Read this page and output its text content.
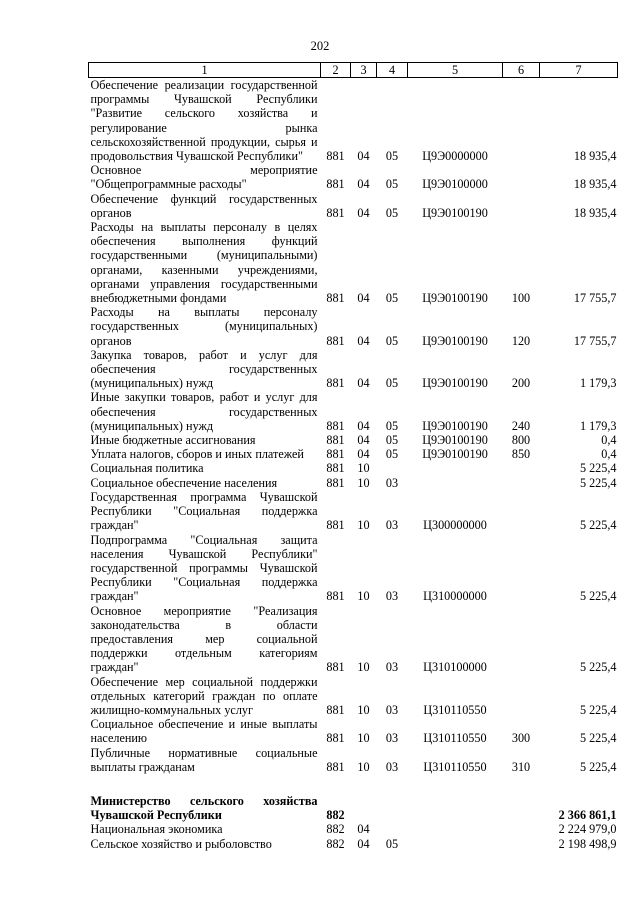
202
1	2	3	4	5	6	7
Обеспечение реализации государственной программы Чувашской Республики "Развитие сельского хозяйства и регулирование рынка сельскохозяйственной продукции, сырья и продовольствия Чувашской Республики"	881	04	05	Ц9Э0000000		18 935,4
Основное мероприятие "Общепрограммные расходы"	881	04	05	Ц9Э0100000		18 935,4
Обеспечение функций государственных органов	881	04	05	Ц9Э0100190		18 935,4
Расходы на выплаты персоналу в целях обеспечения выполнения функций государственными (муниципальными) органами, казенными учреждениями, органами управления государственными внебюджетными фондами	881	04	05	Ц9Э0100190	100	17 755,7
Расходы на выплаты персоналу государственных (муниципальных) органов	881	04	05	Ц9Э0100190	120	17 755,7
Закупка товаров, работ и услуг для обеспечения государственных (муниципальных) нужд	881	04	05	Ц9Э0100190	200	1 179,3
Иные закупки товаров, работ и услуг для обеспечения государственных (муниципальных) нужд	881	04	05	Ц9Э0100190	240	1 179,3
Иные бюджетные ассигнования	881	04	05	Ц9Э0100190	800	0,4
Уплата налогов, сборов и иных платежей	881	04	05	Ц9Э0100190	850	0,4
Социальная политика	881	10				5 225,4
Социальное обеспечение населения	881	10	03			5 225,4
Государственная программа Чувашской Республики "Социальная поддержка граждан"	881	10	03	Ц300000000		5 225,4
Подпрограмма "Социальная защита населения Чувашской Республики" государственной программы Чувашской Республики "Социальная поддержка граждан"	881	10	03	Ц310000000		5 225,4
Основное мероприятие "Реализация законодательства в области предоставления мер социальной поддержки отдельным категориям граждан"	881	10	03	Ц310100000		5 225,4
Обеспечение мер социальной поддержки отдельных категорий граждан по оплате жилищно-коммунальных услуг	881	10	03	Ц310110550		5 225,4
Социальное обеспечение и иные выплаты населению	881	10	03	Ц310110550	300	5 225,4
Публичные нормативные социальные выплаты гражданам	881	10	03	Ц310110550	310	5 225,4

Министерство сельского хозяйства Чувашской Республики	882					2 366 861,1
Национальная экономика	882	04				2 224 979,0
Сельское хозяйство и рыболовство	882	04	05			2 198 498,9
